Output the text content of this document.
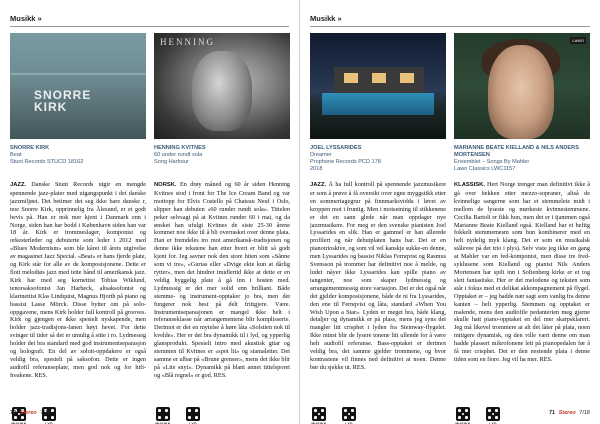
Musikk »
SNORRE
KIRK
SNORRE KIRK
Beat
Stunt Records STUCD 18162
JAZZ. Danske Stunt Records utgir en mengde spennende jazz-plater med utgangspunkt i det danske jazzmiljøet. Det betimer det seg ikke bare danske r, noe Snorre Kirk, opprinnelig fra Ålesund, er et godt bevis på. Han er nok mer kjent i Danmark enn i Norge, siden han har bodd i København siden han var 18 år. Kirk er trommeslager, komponist og orkesterleder og debuterte som leder i 2012 med «Blues Modernism» som ble kåret til årets utgivelse av magasinet Jazz Special. «Beat» er hans fjerde plate, og Kirk står for alle av de komposisjonene. Dette er flott melodiøs jazz med tette bånd til amerikansk jazz. Kirk har med seg kornettist Tobias Wiklund, tenorsaksofonist Jan Harbeck, altsaksofonist og klarinettist Klas Lindquist, Magnus Hjorth på piano og bassist Lasse Mörck. Disse bytter om på solo-oppgavene, mens Kirk holder full kontroll på grooves. Kirk og gjengen er ikke spesielt nyskapende, men holder jazz-tradisjons-fanen høyt hevet. For dette svinger til tider så det er umulig å sitte i ro. Lydmessig holder det bra standard med god instrumentseparasjon og holografi. En del av soloit-oppdakere er også veldig bra, spesielt på saksofon. Dette er ingen audiofil referanseplate, men god nok og for hifi-freakene. RES.
MUSIKK	LYD
HENNING
HENNING KVITNES
60 under rundt sola
Song Harbour
NORSK. En drøy måned og 60 år siden Henning Kvitnes stod i front for The Ice Cream Band og var mottopp for Elvis Costello på Chateau Neuf i Oslo, slipper han debuten «60 runder rundt sola». Tittelen peker selvsagt på at Kvitnes runder 60 i mai, og da ønsket han ufulgt Kvitnes de siste 25-30 årene kommer noe ikke til å bli overrasket over denne plata. Han er fremdeles tro mot amerikansk-tradisjonen og denne ikke tekstene han etter hvert er blitt så godt kjent for. Jeg savner nok den store hiten som «Sånne som vi tre», «Gurtas eller «Dvige ekte kun at dårlig rytter», men det hindrer imidlertid ikke at dette er en veldig hyggelig plate å gå inn i hosten med. Lydmessig er det mer solid enn brilliant. Både stemme- og instrument-opptaker jo bra, men det fungerer nok best på delt frittgjere. Være. Instrumentseparasjonen er mangel ikke helt i referanseklasse når arrangementene blir komplisserte. Derimot er det en mytelse å høre låta «Solstien nok til kvelde». Her er det bra dynamikk til i lyd, og ypperlig glansprodukt. Spesielt intro med akustisk gitar og stemmen til Kvitnes er «spot lit» og stamaletter. Det samme er ulbar på «Brune grenser», mens det ikke blir på «Lite snyt». Dynamikk på blant annet tittelsporet og «Blå regnel» er god. RES.
MUSIKK	LYD
70 Stereo 7/18
Musikk »
JOEL LYSSARIDES
Dreamer
Prophone Records PCD 178
2018
JAZZ. Å ha full kontroll på spennende jazzmusikere er som å prøve å få oversikt over egne myggstikk etter en sommertagegrur på finnmarksvidda i løvet av kroppen mot i fruntig. Men i motsetning til stikkenene er det en sann glede når man oppdager nye jazzmusikere. For meg er den svenske pianisten Joel Lyssarides en slik. Han er gammel er han allerede profilert og når debutplaten hans har. Det er en pianotrioskive, og som vil vel kanskje sukke-en denne, men Lyssarides og bassist Niklas Fernqvist og Rasmus Svensson på trommer har definitivt noe å melde, og ludet nåyer ikke Lyssarides kan spille piano av tangenter, noe som skaper lydmessig og arrangementmessig store variasjon. Det er det også når det gjelder komposisjonene, både de ni fra Lyssarides, den ene til Fernqvist og låta, standard «When You Wish Upon a Star». Lyden er meget bra, både klang, detaljer og dynamikk er på plass, mens jeg syns det mangler litt crisphet i lyden fra Steinway-flygelet. Ikke minst blir de lysere tonene litt ullende for å være helt audiofil referanse. Bass-opptaket er derimot veldig bra, det samme gjelder trommene, og hvor kontrastene vil finnes ned definitivt at noen. Denne bør du sjekke ut. RES.
MUSIKK	LYD
LAWO
MARIANNE BEATE KIELLAND & NILS ANDERS MORTENSEN
Ensemblet – Songs By Mahler
Lawo Classics LWC1157
KLASSISK. Hert Norge trenger man definitivt ikke å gå over bekken etter mezzo-sopraner, altså de kvinnelige sangerne som har et stemmeleie midt i mellom de lyseste og mørkeste kvinnestemmene. Cecilia Bartoli er fikk hun, men det er i tjammen også Marianne Beate Kielland også. Kielland har et heftig fokkelt stemmemesm som hun kombinerer med en helt nydelig myk klang. Det er som en musikalsk stålevee på det trio i plys). Selv viste jeg ikke en gang at Mahler var en fed-komponist, men disse tre fred-syklusene som Kielland og pianist Nils Anders Mortensen har spilt inn i Sofienberg kirke er et tog slett fantastiske. Her er det melodene og teksten som står i fokus med et delikat akkompagnement på flygel. Opptaket er – jeg hadde nær sagt som vanlig fra denne kanten – helt ypperlig. Stemmen og opptaket er malende, mens den audiofile pedanterien meg gjerne skulle hatt piano-opptaket en del mer skarpsklarert. Jeg må likevel trommere at alt det låter på plata, noen mitigere dynamisk, og den ville vært denne om man hadde plassert mikrofonene lett på pianopedalen før å få mer crisphet. Det er den nestende plata i denne tiden som en fiore. Jeg vil ha mer. RES.
MUSIKK	LYD
71 Stereo 7/18
